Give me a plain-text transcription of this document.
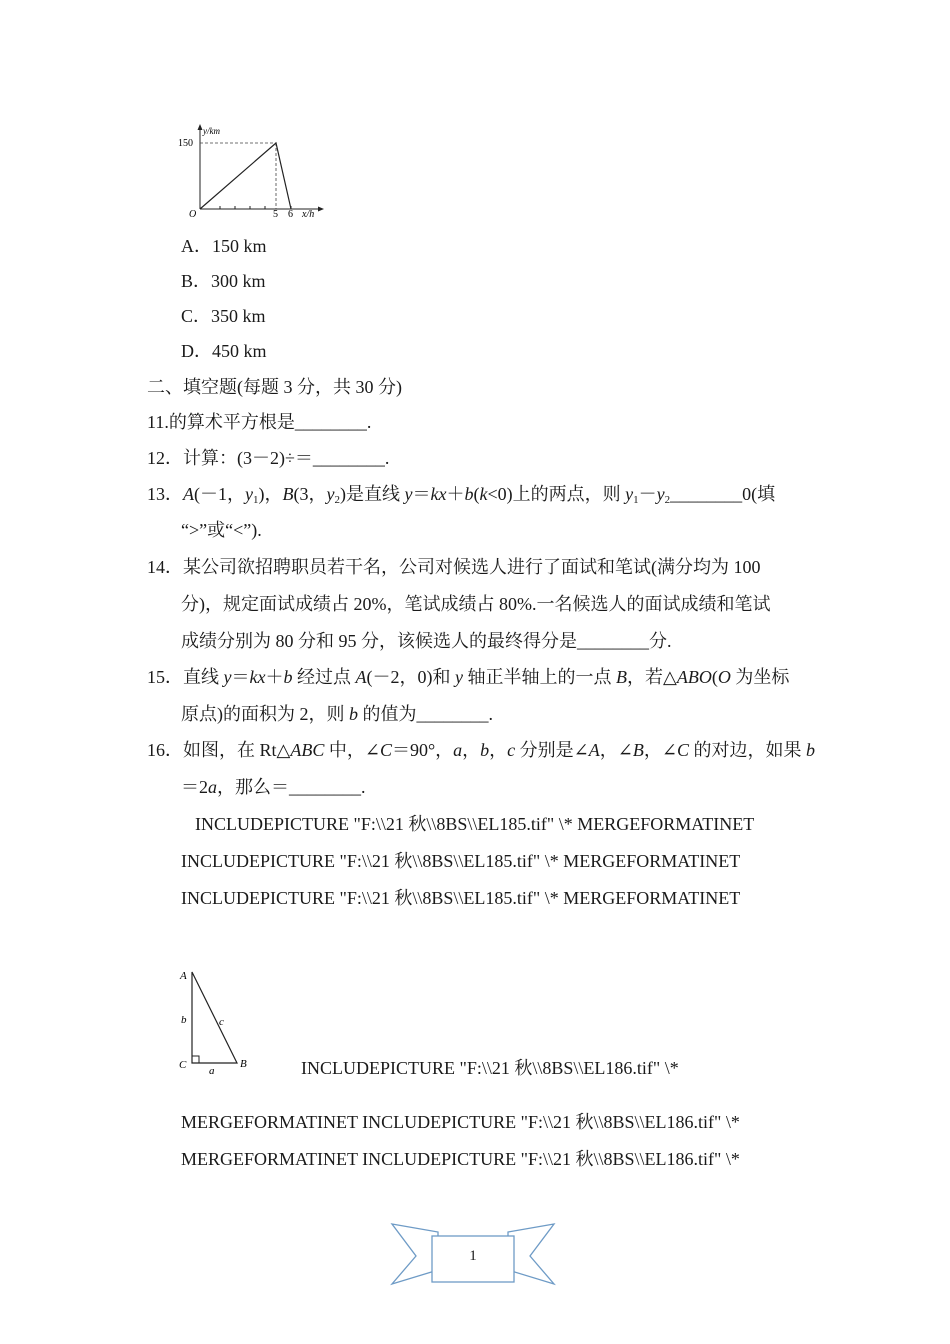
y/km
150
O	5 6 x/h
A．150 km
B．300 km
C．350 km
D．450 km
二、填空题(每题 3 分，共 30 分)
11.的算术平方根是________.
12．计算：(3－2)÷＝________.
13．A(－1，$y_1$)，B(3，$y_2$)是直线 y＝kx＋b(k<0)上的两点，则 $y_1-y_2\_\_\_\_\_\_\_\_0$(填
“>”或“<”).
14．某公司欲招聘职员若干名，公司对候选人进行了面试和笔试(满分均为 100
分)，规定面试成绩占 20%，笔试成绩占 80%.一名候选人的面试成绩和笔试
成绩分别为 80 分和 95 分，该候选人的最终得分是________分.
15．直线 y＝kx＋b 经过点 A(－2，0)和 y 轴正半轴上的一点 B，若△ABO(O 为坐标
原点)的面积为 2，则 b 的值为________.
16．如图，在 Rt△ABC 中，∠C＝90°，a，b，c 分别是∠A，∠B，∠C 的对边，如果 b
＝2a，那么＝________.
INCLUDEPICTURE "F:\\21 秋\\8BS\\EL185.tif" \* MERGEFORMATINET
INCLUDEPICTURE "F:\\21 秋\\8BS\\EL185.tif" \* MERGEFORMATINET
INCLUDEPICTURE "F:\\21 秋\\8BS\\EL185.tif" \* MERGEFORMATINET
A
C	B
b	c
a	INCLUDEPICTURE "F:\\21 秋\\8BS\\EL186.tif" \*
MERGEFORMATINET INCLUDEPICTURE "F:\\21 秋\\8BS\\EL186.tif" \*
MERGEFORMATINET INCLUDEPICTURE "F:\\21 秋\\8BS\\EL186.tif" \*
1
